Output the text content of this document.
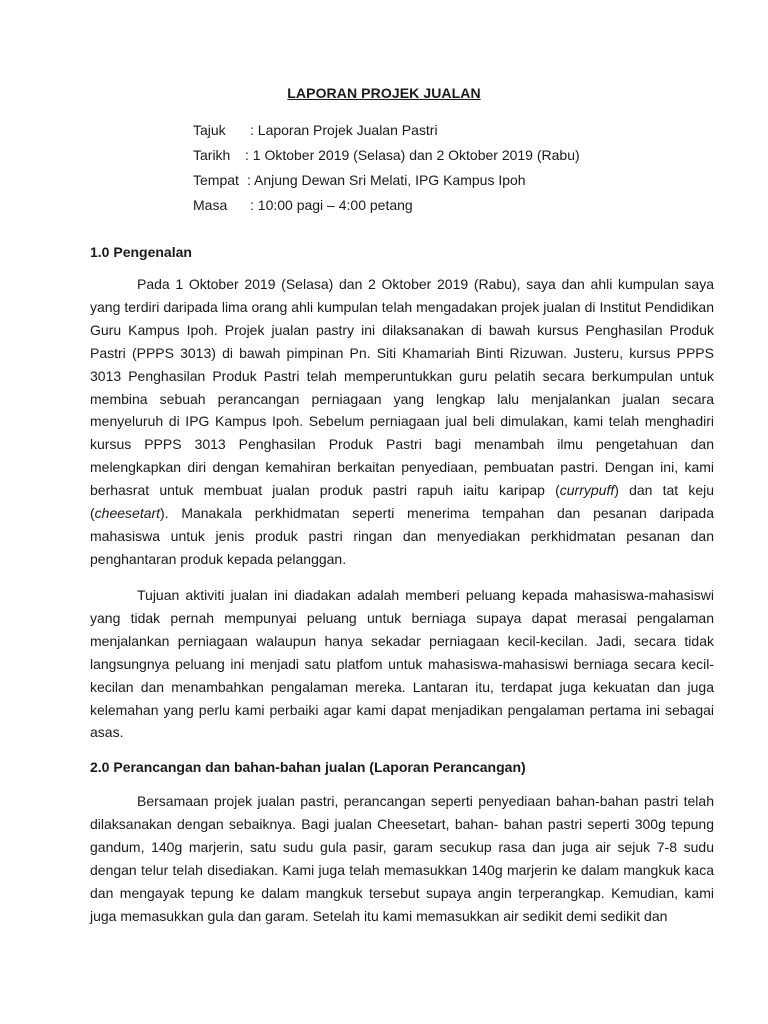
LAPORAN PROJEK JUALAN
Tajuk : Laporan Projek Jualan Pastri
Tarikh : 1 Oktober 2019 (Selasa) dan 2 Oktober 2019 (Rabu)
Tempat : Anjung Dewan Sri Melati, IPG Kampus Ipoh
Masa : 10:00 pagi – 4:00 petang
1.0 Pengenalan

Pada 1 Oktober 2019 (Selasa) dan 2 Oktober 2019 (Rabu), saya dan ahli kumpulan saya yang terdiri daripada lima orang ahli kumpulan telah mengadakan projek jualan di Institut Pendidikan Guru Kampus Ipoh. Projek jualan pastry ini dilaksanakan di bawah kursus Penghasilan Produk Pastri (PPPS 3013) di bawah pimpinan Pn. Siti Khamariah Binti Rizuwan. Justeru, kursus PPPS 3013 Penghasilan Produk Pastri telah memperuntukkan guru pelatih secara berkumpulan untuk membina sebuah perancangan perniagaan yang lengkap lalu menjalankan jualan secara menyeluruh di IPG Kampus Ipoh. Sebelum perniagaan jual beli dimulakan, kami telah menghadiri kursus PPPS 3013 Penghasilan Produk Pastri bagi menambah ilmu pengetahuan dan melengkapkan diri dengan kemahiran berkaitan penyediaan, pembuatan pastri. Dengan ini, kami berhasrat untuk membuat jualan produk pastri rapuh iaitu karipap (currypuff) dan tat keju (cheesetart). Manakala perkhidmatan seperti menerima tempahan dan pesanan daripada mahasiswa untuk jenis produk pastri ringan dan menyediakan perkhidmatan pesanan dan penghantaran produk kepada pelanggan.

Tujuan aktiviti jualan ini diadakan adalah memberi peluang kepada mahasiswa-mahasiswi yang tidak pernah mempunyai peluang untuk berniaga supaya dapat merasai pengalaman menjalankan perniagaan walaupun hanya sekadar perniagaan kecil-kecilan. Jadi, secara tidak langsungnya peluang ini menjadi satu platfom untuk mahasiswa-mahasiswi berniaga secara kecil-kecilan dan menambahkan pengalaman mereka. Lantaran itu, terdapat juga kekuatan dan juga kelemahan yang perlu kami perbaiki agar kami dapat menjadikan pengalaman pertama ini sebagai asas.

2.0 Perancangan dan bahan-bahan jualan (Laporan Perancangan)

Bersamaan projek jualan pastri, perancangan seperti penyediaan bahan-bahan pastri telah dilaksanakan dengan sebaiknya. Bagi jualan Cheesetart, bahan- bahan pastri seperti 300g tepung gandum, 140g marjerin, satu sudu gula pasir, garam secukup rasa dan juga air sejuk 7-8 sudu dengan telur telah disediakan. Kami juga telah memasukkan 140g marjerin ke dalam mangkuk kaca dan mengayak tepung ke dalam mangkuk tersebut supaya angin terperangkap. Kemudian, kami juga memasukkan gula dan garam. Setelah itu kami memasukkan air sedikit demi sedikit dan
